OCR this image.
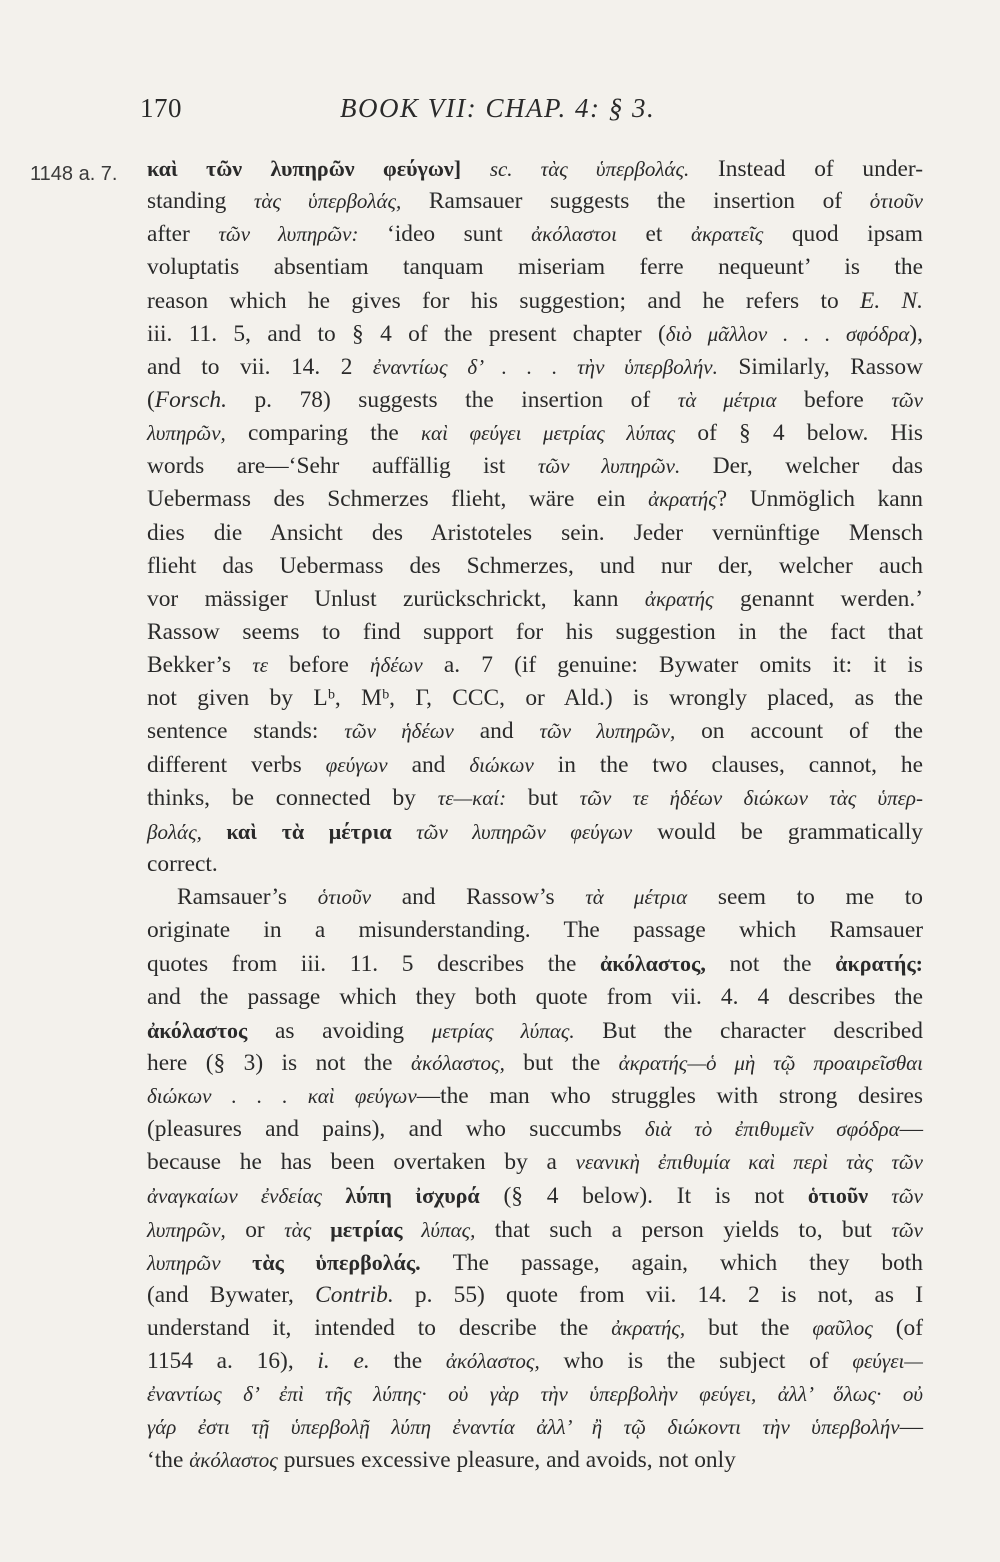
170	BOOK VII: CHAP. 4: § 3.
1148 a. 7. καὶ τῶν λυπηρῶν φεύγων] sc. τὰς ὑπερβολάς. Instead of under-
standing τὰς ὑπερβολάς, Ramsauer suggests the insertion of ὁτιοῦν
after τῶν λυπηρῶν: ‘ideo sunt ἀκόλαστοι et ἀκρατεῖς quod ipsam
voluptatis absentiam tanquam miseriam ferre nequeunt’ is the
reason which he gives for his suggestion; and he refers to E. N.
iii. 11. 5, and to § 4 of the present chapter (διὸ μᾶλλον . . . σφόδρα),
and to vii. 14. 2 ἐναντίως δ’ . . . τὴν ὑπερβολήν. Similarly, Rassow
(Forsch. p. 78) suggests the insertion of τὰ μέτρια before τῶν
λυπηρῶν, comparing the καὶ φεύγει μετρίας λύπας of § 4 below. His
words are—‘Sehr auffällig ist τῶν λυπηρῶν. Der, welcher das
Uebermass des Schmerzes flieht, wäre ein ἀκρατής? Unmöglich kann
dies die Ansicht des Aristoteles sein. Jeder vernünftige Mensch
flieht das Uebermass des Schmerzes, und nur der, welcher auch
vor mässiger Unlust zurückschrickt, kann ἀκρατής genannt werden.’
Rassow seems to find support for his suggestion in the fact that
Bekker’s τε before ἡδέων a. 7 (if genuine: Bywater omits it: it is
not given by Lᵇ, Mᵇ, Γ, CCC, or Ald.) is wrongly placed, as the
sentence stands: τῶν ἡδέων and τῶν λυπηρῶν, on account of the
different verbs φεύγων and διώκων in the two clauses, cannot, he
thinks, be connected by τε—καί: but τῶν τε ἡδέων διώκων τὰς ὑπερ-
βολάς, καὶ τὰ μέτρια τῶν λυπηρῶν φεύγων would be grammatically
correct.
Ramsauer’s ὁτιοῦν and Rassow’s τὰ μέτρια seem to me to
originate in a misunderstanding. The passage which Ramsauer
quotes from iii. 11. 5 describes the ἀκόλαστος, not the ἀκρατής:
and the passage which they both quote from vii. 4. 4 describes the
ἀκόλαστος as avoiding μετρίας λύπας. But the character described
here (§ 3) is not the ἀκόλαστος, but the ἀκρατής—ὁ μὴ τῷ προαιρεῖσθαι
διώκων . . . καὶ φεύγων—the man who struggles with strong desires
(pleasures and pains), and who succumbs διὰ τὸ ἐπιθυμεῖν σφόδρα—
because he has been overtaken by a νεανικὴ ἐπιθυμία καὶ περὶ τὰς τῶν
ἀναγκαίων ἐνδείας λύπη ἰσχυρά (§ 4 below). It is not ὁτιοῦν τῶν
λυπηρῶν, or τὰς μετρίας λύπας, that such a person yields to, but τῶν
λυπηρῶν τὰς ὑπερβολάς. The passage, again, which they both
(and Bywater, Contrib. p. 55) quote from vii. 14. 2 is not, as I
understand it, intended to describe the ἀκρατής, but the φαῦλος (of
1154 a. 16), i. e. the ἀκόλαστος, who is the subject of φεύγει—
ἐναντίως δ’ ἐπὶ τῆς λύπης· οὐ γὰρ τὴν ὑπερβολὴν φεύγει, ἀλλ’ ὅλως· οὐ
γάρ ἐστι τῇ ὑπερβολῇ λύπη ἐναντία ἀλλ’ ἢ τῷ διώκοντι τὴν ὑπερβολήν—
‘the ἀκόλαστος pursues excessive pleasure, and avoids, not only
